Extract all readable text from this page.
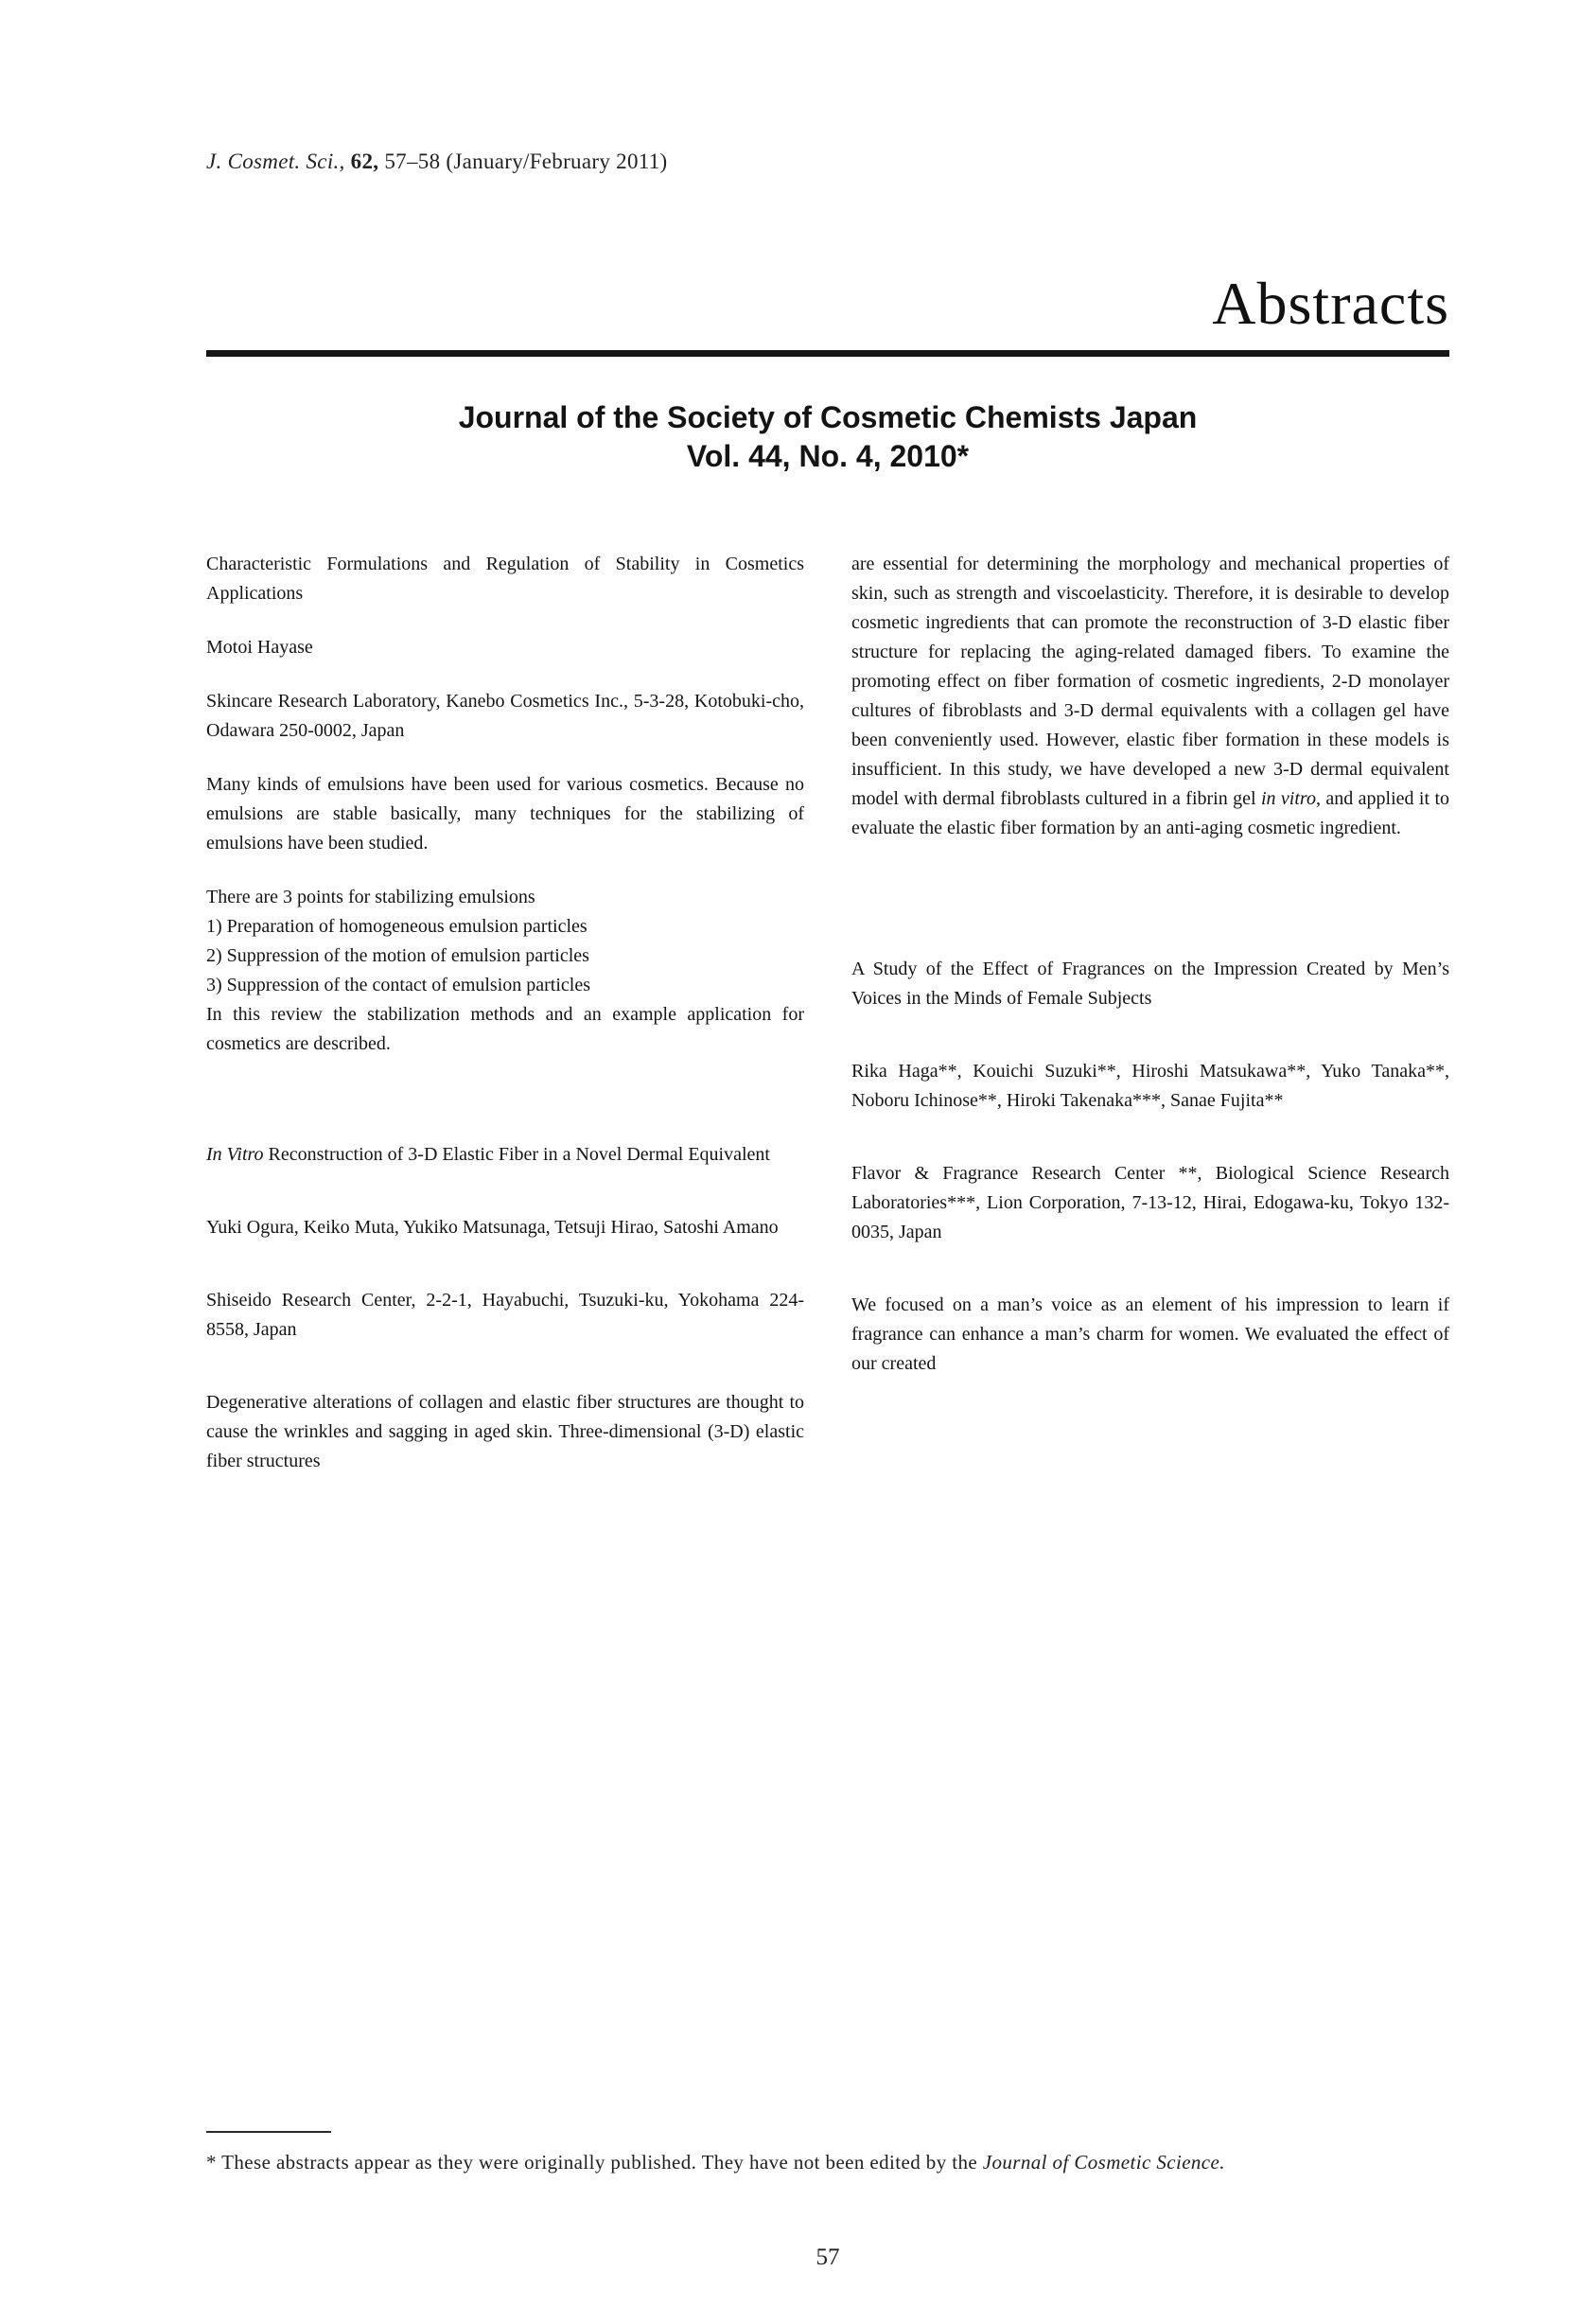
J. Cosmet. Sci., 62, 57–58 (January/February 2011)
Abstracts
Journal of the Society of Cosmetic Chemists Japan
Vol. 44, No. 4, 2010*

Characteristic Formulations and Regulation of Stability in Cosmetics Applications

Motoi Hayase

Skincare Research Laboratory, Kanebo Cosmetics Inc., 5-3-28, Kotobuki-cho, Odawara 250-0002, Japan

Many kinds of emulsions have been used for various cosmetics. Because no emulsions are stable basically, many techniques for the stabilizing of emulsions have been studied.

There are 3 points for stabilizing emulsions
1) Preparation of homogeneous emulsion particles
2) Suppression of the motion of emulsion particles
3) Suppression of the contact of emulsion particles
In this review the stabilization methods and an example application for cosmetics are described.

In Vitro Reconstruction of 3-D Elastic Fiber in a Novel Dermal Equivalent

Yuki Ogura, Keiko Muta, Yukiko Matsunaga, Tetsuji Hirao, Satoshi Amano

Shiseido Research Center, 2-2-1, Hayabuchi, Tsuzuki-ku, Yokohama 224-8558, Japan

Degenerative alterations of collagen and elastic fiber structures are thought to cause the wrinkles and sagging in aged skin. Three-dimensional (3-D) elastic fiber structures

are essential for determining the morphology and mechanical properties of skin, such as strength and viscoelasticity. Therefore, it is desirable to develop cosmetic ingredients that can promote the reconstruction of 3-D elastic fiber structure for replacing the aging-related damaged fibers. To examine the promoting effect on fiber formation of cosmetic ingredients, 2-D monolayer cultures of fibroblasts and 3-D dermal equivalents with a collagen gel have been conveniently used. However, elastic fiber formation in these models is insufficient. In this study, we have developed a new 3-D dermal equivalent model with dermal fibroblasts cultured in a fibrin gel in vitro, and applied it to evaluate the elastic fiber formation by an anti-aging cosmetic ingredient.

A Study of the Effect of Fragrances on the Impression Created by Men’s Voices in the Minds of Female Subjects

Rika Haga**, Kouichi Suzuki**, Hiroshi Matsukawa**, Yuko Tanaka**, Noboru Ichinose**, Hiroki Takenaka***, Sanae Fujita**

Flavor & Fragrance Research Center **, Biological Science Research Laboratories***, Lion Corporation, 7-13-12, Hirai, Edogawa-ku, Tokyo 132-0035, Japan

We focused on a man’s voice as an element of his impression to learn if fragrance can enhance a man’s charm for women. We evaluated the effect of our created

* These abstracts appear as they were originally published. They have not been edited by the Journal of Cosmetic Science.

57
